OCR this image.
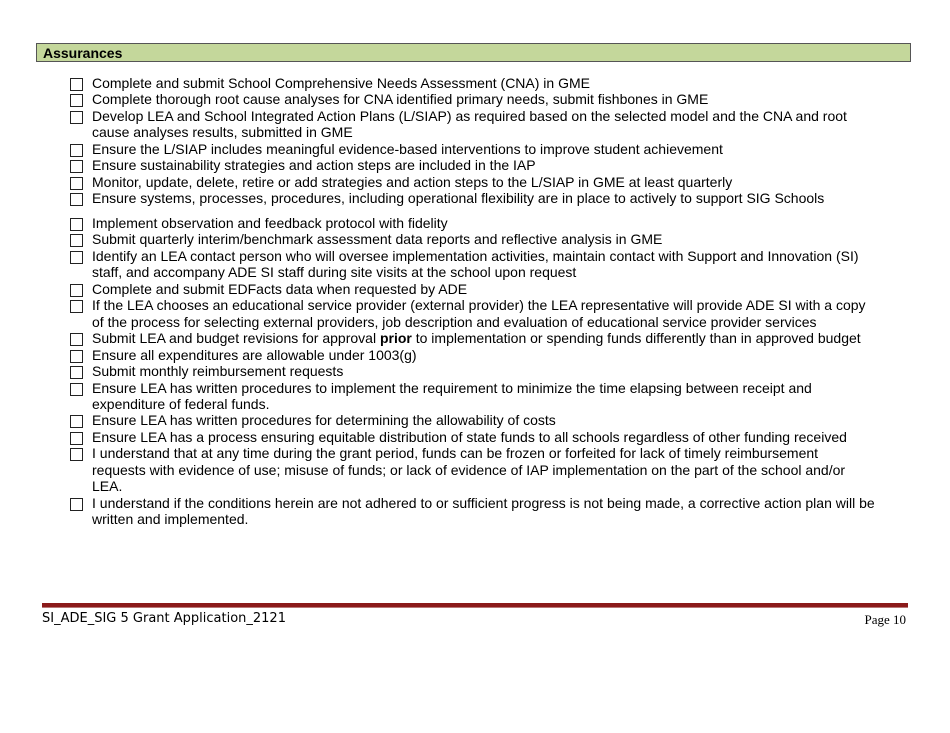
Assurances
Complete and submit School Comprehensive Needs Assessment (CNA) in GME
Complete thorough root cause analyses for CNA identified primary needs, submit fishbones in GME
Develop LEA and School Integrated Action Plans (L/SIAP) as required based on the selected model and the CNA and root cause analyses results, submitted in GME
Ensure the L/SIAP includes meaningful evidence-based interventions to improve student achievement
Ensure sustainability strategies and action steps are included in the IAP
Monitor, update, delete, retire or add strategies and action steps to the L/SIAP in GME at least quarterly
Ensure systems, processes, procedures, including operational flexibility are in place to actively to support SIG Schools
Implement observation and feedback protocol with fidelity
Submit quarterly interim/benchmark assessment data reports and reflective analysis in GME
Identify an LEA contact person who will oversee implementation activities, maintain contact with Support and Innovation (SI) staff, and accompany ADE SI staff during site visits at the school upon request
Complete and submit EDFacts data when requested by ADE
If the LEA chooses an educational service provider (external provider) the LEA representative will provide ADE SI with a copy of the process for selecting external providers, job description and evaluation of educational service provider services
Submit LEA and budget revisions for approval prior to implementation or spending funds differently than in approved budget
Ensure all expenditures are allowable under 1003(g)
Submit monthly reimbursement requests
Ensure LEA has written procedures to implement the requirement to minimize the time elapsing between receipt and expenditure of federal funds.
Ensure LEA has written procedures for determining the allowability of costs
Ensure LEA has a process ensuring equitable distribution of state funds to all schools regardless of other funding received
I understand that at any time during the grant period, funds can be frozen or forfeited for lack of timely reimbursement requests with evidence of use; misuse of funds; or lack of evidence of IAP implementation on the part of the school and/or LEA.
I understand if the conditions herein are not adhered to or sufficient progress is not being made, a corrective action plan will be written and implemented.
SI_ADE_SIG 5 Grant Application_2121	Page 10
